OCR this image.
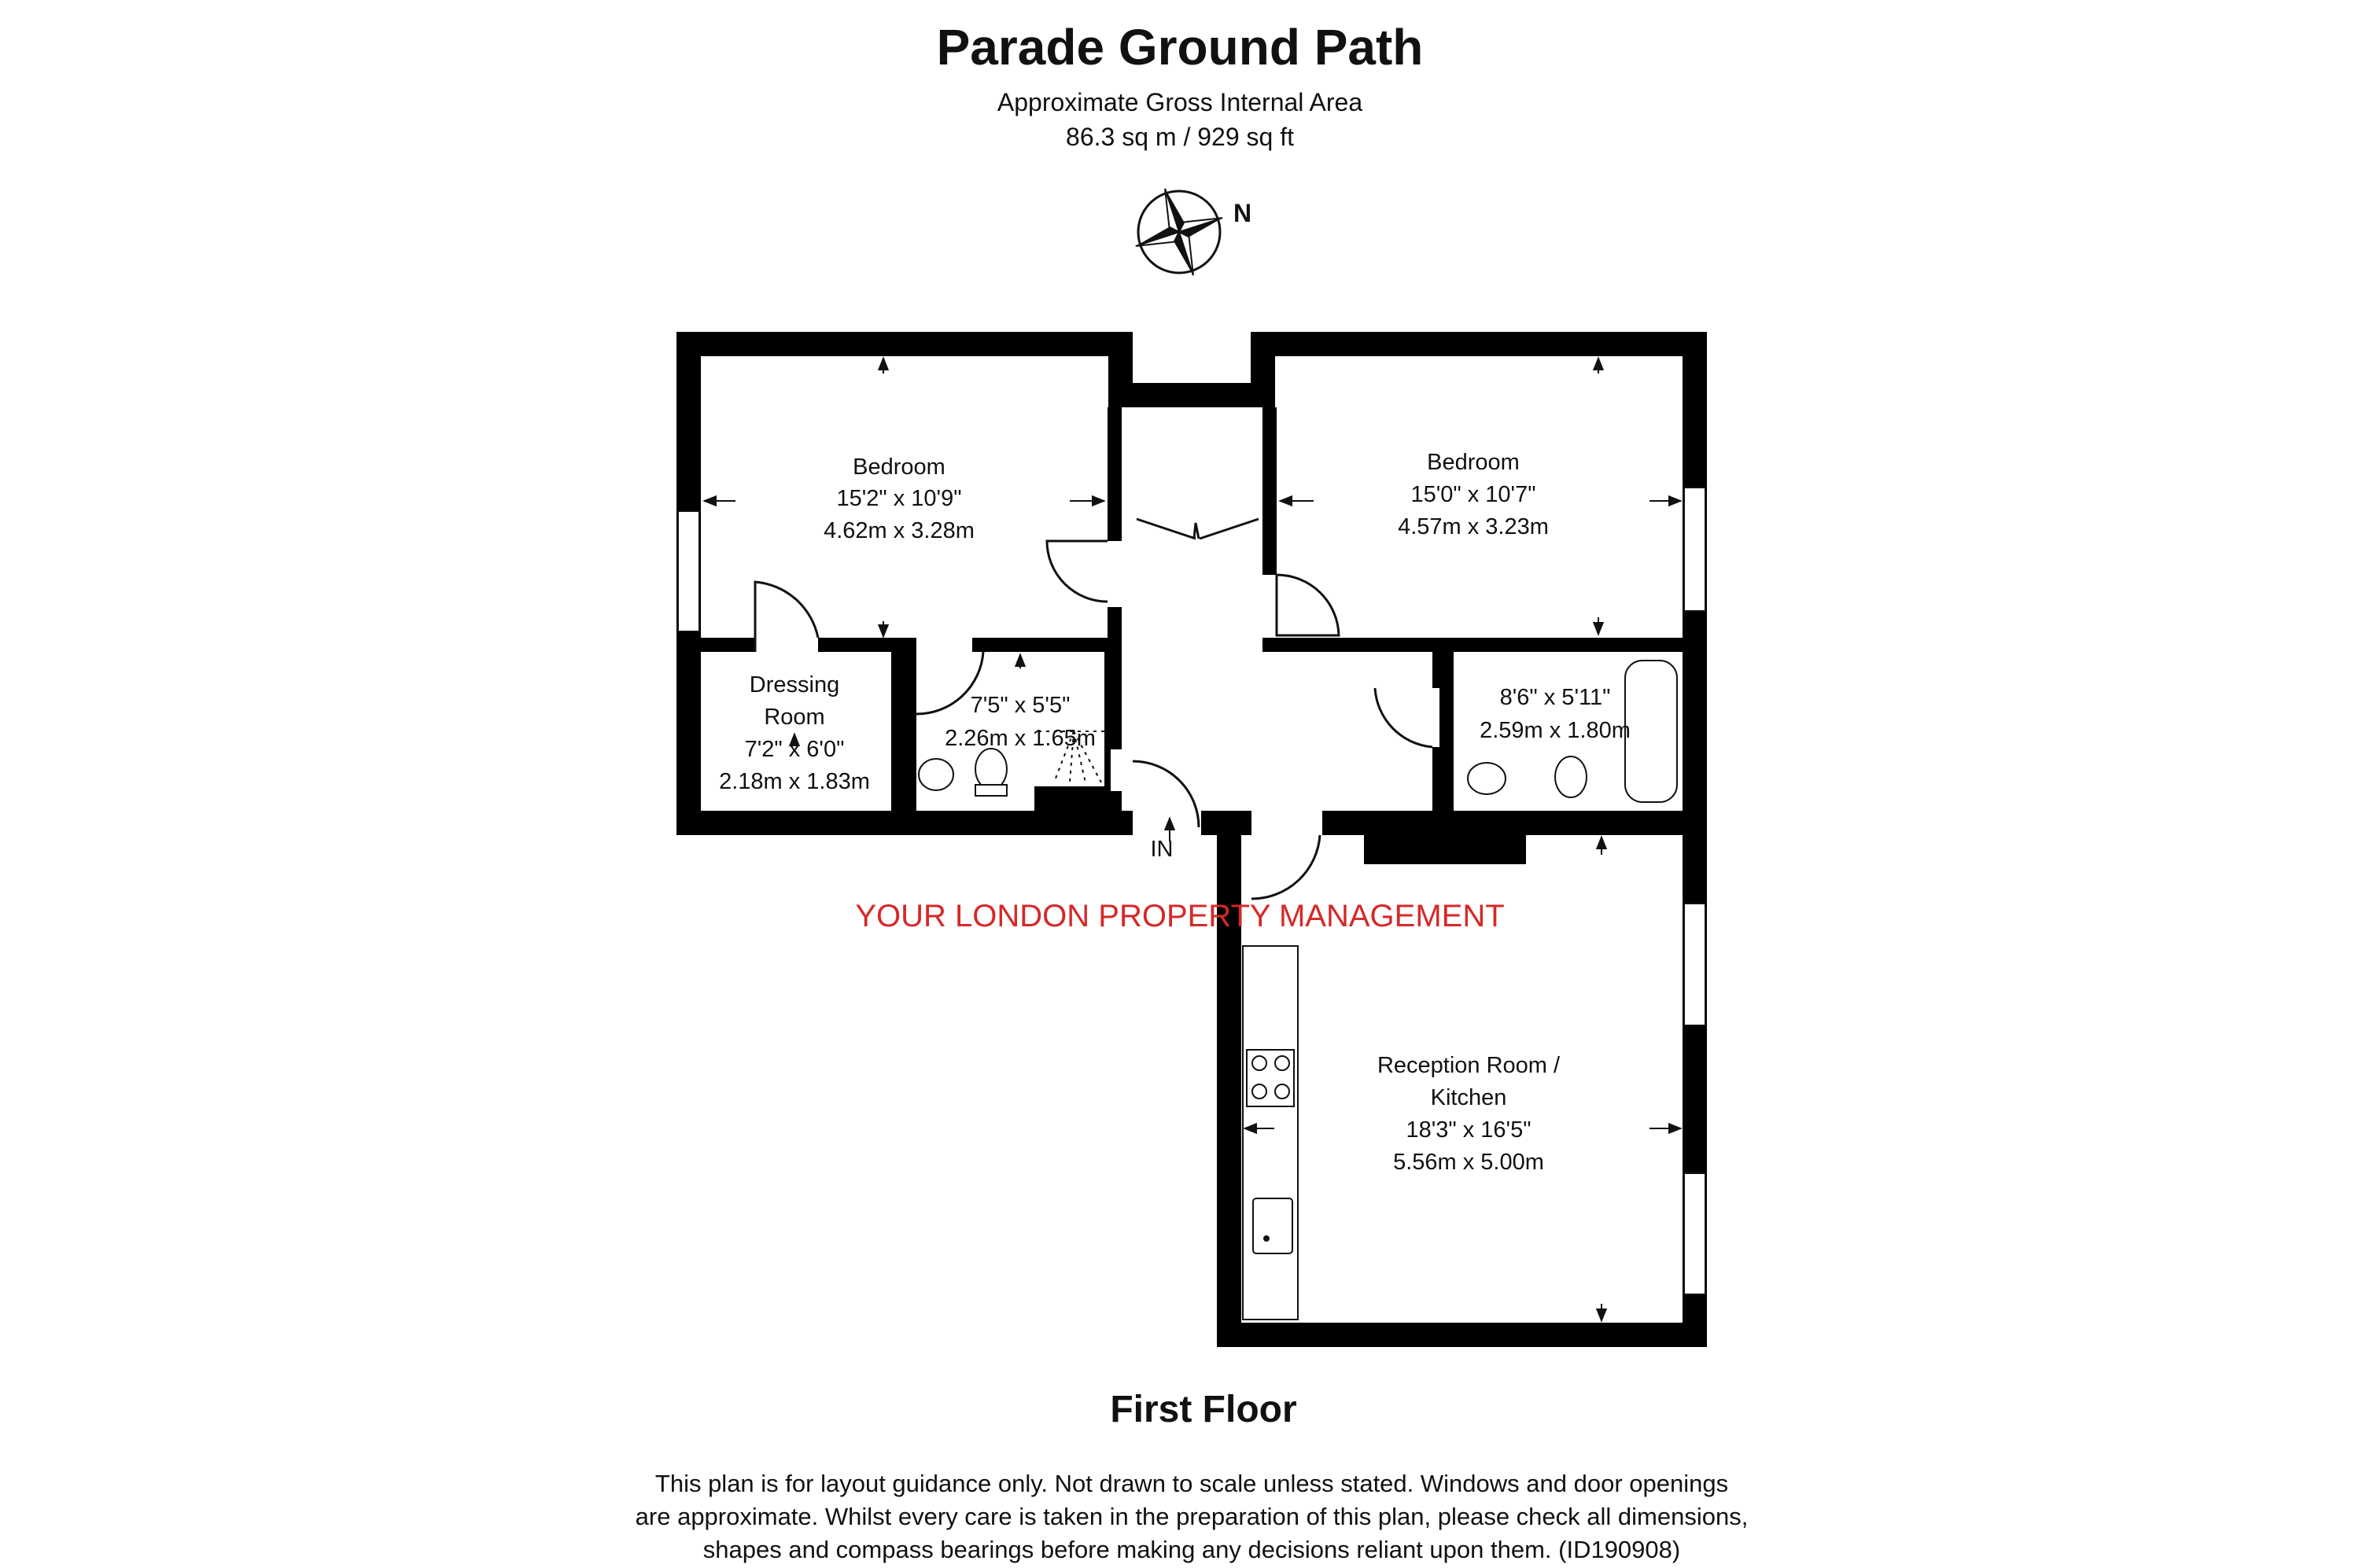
Parade Ground Path
Approximate Gross Internal Area
86.3 sq m / 929 sq ft
N
Bedroom
15'2" x 10'9"
4.62m x 3.28m
Bedroom
15'0" x 10'7"
4.57m x 3.23m
Dressing
Room
7'2" x 6'0"
2.18m x 1.83m
7'5" x 5'5"
2.26m x 1.65m
8'6" x 5'11"
2.59m x 1.80m
Reception Room /
Kitchen
18'3" x 16'5"
5.56m x 5.00m
IN
YOUR LONDON PROPERTY MANAGEMENT
First Floor
This plan is for layout guidance only. Not drawn to scale unless stated. Windows and door openings
are approximate. Whilst every care is taken in the preparation of this plan, please check all dimensions,
shapes and compass bearings before making any decisions reliant upon them. (ID190908)
